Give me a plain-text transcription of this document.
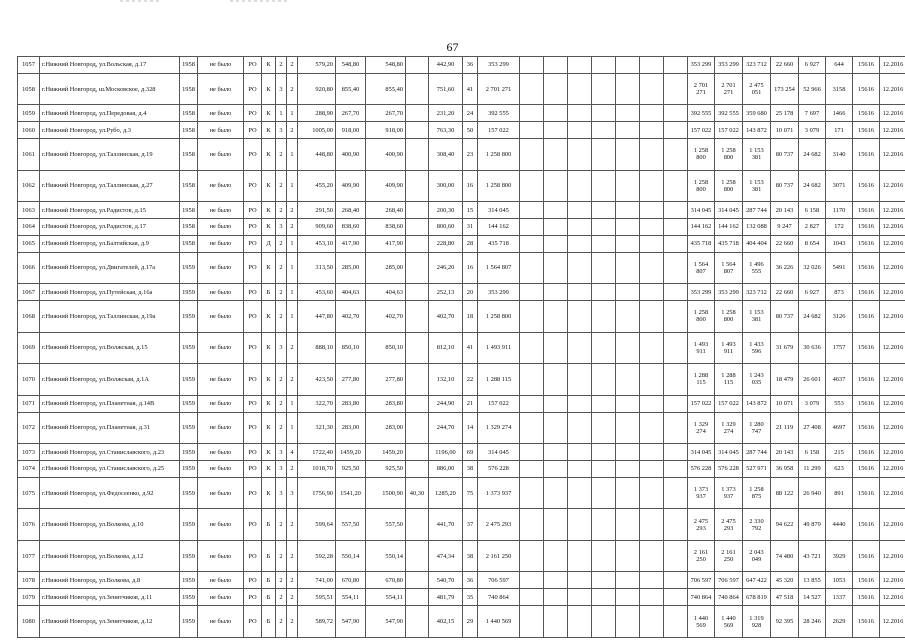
67
1057	г.Нижний Новгород, ул.Вольская, д.17	1958	не было	РО	К	2	2	579,20	548,80	548,80		442,90	36	353 299								353 299	353 299	323 712	22 660	6 927	644	15616	12.2016
1058	г.Нижний Новгород, ш.Московское, д.328	1958	не было	РО	К	3	2	920,80	855,40	855,40		751,60	41	2 701 271								2 701 271	2 701 271	2 475 051	173 254	52 966	3158	15616	12.2016
1059	г.Нижний Новгород, ул.Передовая, д.4	1958	не было	РО	К	1	1	288,90	267,70	267,70		231,20	24	392 555								392 555	392 555	359 680	25 178	7 697	1466	15616	12.2016
1060	г.Нижний Новгород, ул.Рубо, д.3	1958	не было	РО	К	3	2	1005,00	918,00	918,00		763,30	50	157 022								157 022	157 022	143 872	10 071	3 079	171	15616	12.2016
1061	г.Нижний Новгород, ул.Таллинская, д.19	1958	не было	РО	К	2	1	448,80	400,90	400,90		308,40	23	1 258 800								1 258 800	1 258 800	1 153 381	80 737	24 682	3140	15616	12.2016
1062	г.Нижний Новгород, ул.Таллинская, д.27	1958	не было	РО	К	2	1	455,20	409,90	409,90		300,00	16	1 258 800								1 258 800	1 258 800	1 153 381	80 737	24 682	3071	15616	12.2016
1063	г.Нижний Новгород, ул.Радистов, д.15	1958	не было	РО	К	2	2	291,50	268,40	268,40		200,30	15	314 045								314 045	314 045	287 744	20 143	6 158	1170	15616	12.2016
1064	г.Нижний Новгород, ул.Радистов, д.17	1958	не было	РО	К	3	2	909,60	838,60	838,60		800,60	31	144 162								144 162	144 162	132 088	9 247	2 827	172	15616	12.2016
1065	г.Нижний Новгород, ул.Балтийская, д.9	1958	не было	РО	Д	2	1	453,10	417,90	417,90		228,80	28	435 718								435 718	435 718	404 404	22 660	8 654	1043	15616	12.2016
1066	г.Нижний Новгород, ул.Двигателей, д.17а	1959	не было	РО	К	2	1	313,50	285,00	285,00		246,20	16	1 564 807								1 564 807	1 564 807	1 496 555	36 226	32 026	5491	15616	12.2016
1067	г.Нижний Новгород, ул.Путейская, д.16а	1959	не было	РО	Б	2	1	453,60	404,63	404,63		252,13	20	353 299								353 299	353 299	323 712	22 660	6 927	873	15616	12.2016
1068	г.Нижний Новгород, ул.Таллинская, д.19а	1959	не было	РО	К	2	1	447,80	402,70	402,70		402,70	18	1 258 800								1 258 800	1 258 800	1 153 381	80 737	24 682	3126	15616	12.2016
1069	г.Нижний Новгород, ул.Волжская, д.15	1959	не было	РО	К	3	2	888,10	850,10	850,10		812,10	41	1 493 911								1 493 911	1 493 911	1 433 596	31 679	30 636	1757	15616	12.2016
1070	г.Нижний Новгород, ул.Волжская, д.1А	1959	не было	РО	К	2	2	423,50	277,80	277,80		132,10	22	1 288 115								1 288 115	1 288 115	1 243 035	18 479	26 601	4637	15616	12.2016
1071	г.Нижний Новгород, ул.Планетная, д.14В	1959	не было	РО	К	2	1	322,70	283,80	283,80		244,90	21	157 022								157 022	157 022	143 872	10 071	3 079	553	15616	12.2016
1072	г.Нижний Новгород, ул.Планетная, д.31	1959	не было	РО	К	2	1	321,30	283,00	283,00		244,70	14	1 329 274								1 329 274	1 329 274	1 280 747	21 119	27 408	4697	15616	12.2016
1073	г.Нижний Новгород, ул.Станиславского, д.23	1959	не было	РО	К	3	4	1722,40	1459,20	1459,20		1196,00	69	314 045								314 045	314 045	287 744	20 143	6 158	215	15616	12.2016
1074	г.Нижний Новгород, ул.Станиславского, д.25	1959	не было	РО	К	3	2	1018,70	925,50	925,50		886,00	38	576 228								576 228	576 228	527 971	36 958	11 299	623	15616	12.2016
1075	г.Нижний Новгород, ул.Федосеенко, д.92	1959	не было	РО	К	3	3	1756,90	1541,20	1500,90	40,30	1285,20	75	1 373 937								1 373 937	1 373 937	1 258 875	88 122	26 940	891	15616	12.2016
1076	г.Нижний Новгород, ул.Волкова, д.10	1959	не было	РО	Б	2	2	599,64	557,50	557,50		441,70	37	2 475 293								2 475 293	2 475 293	2 330 792	94 622	49 879	4440	15616	12.2016
1077	г.Нижний Новгород, ул.Волкова, д.12	1959	не было	РО	Б	2	2	592,28	550,14	550,14		474,34	38	2 161 250								2 161 250	2 161 250	2 043 049	74 480	43 721	3929	15616	12.2016
1078	г.Нижний Новгород, ул.Волкова, д.8	1959	не было	РО	Б	2	2	741,00	670,80	670,80		540,70	36	706 597								706 597	706 597	647 422	45 320	13 855	1053	15616	12.2016
1079	г.Нижний Новгород, ул.Зенитчиков, д.11	1959	не было	РО	Б	2	2	595,51	554,11	554,11		481,79	35	740 864								740 864	740 864	678 819	47 518	14 527	1337	15616	12.2016
1080	г.Нижний Новгород, ул.Зенитчиков, д.12	1959	не было	РО	Б	2	2	589,72	547,90	547,90		402,15	29	1 440 569								1 440 569	1 440 569	1 319 928	92 395	28 246	2629	15616	12.2016
